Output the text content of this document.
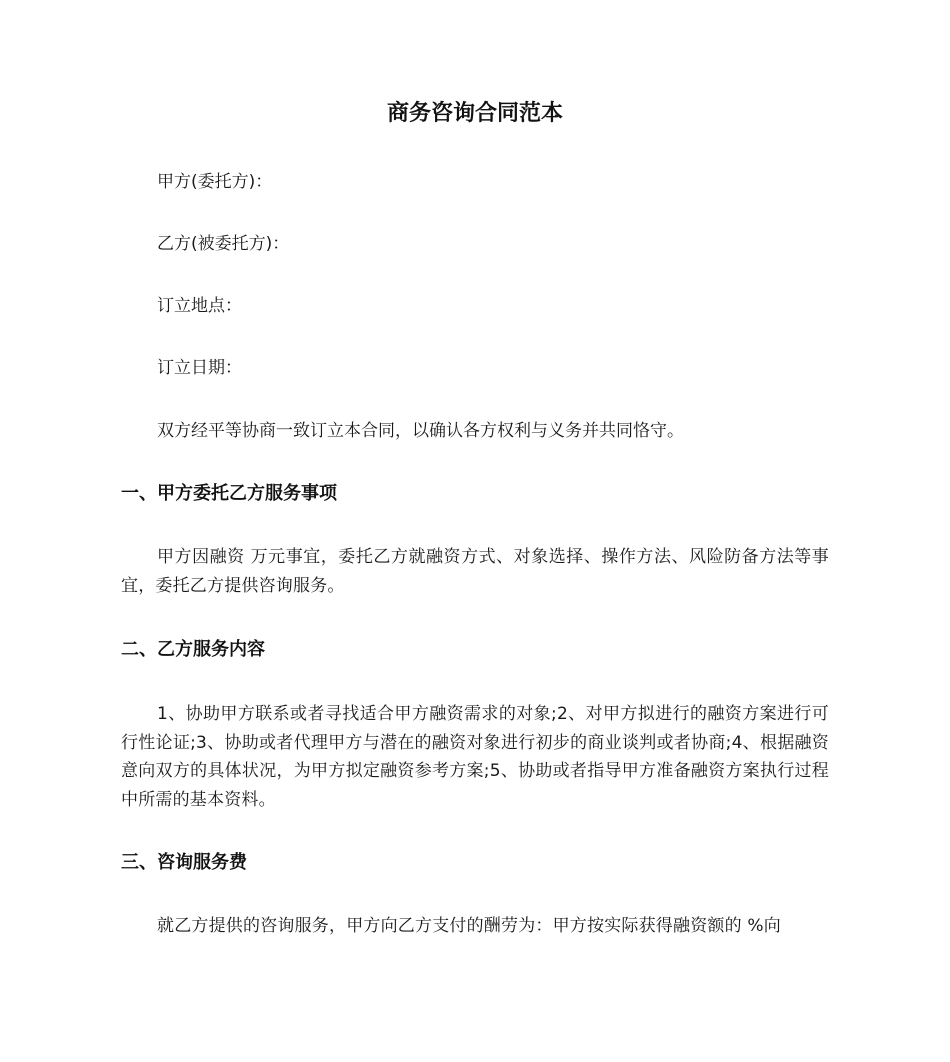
商务咨询合同范本
甲方(委托方)：
乙方(被委托方)：
订立地点：
订立日期：
双方经平等协商一致订立本合同，以确认各方权利与义务并共同恪守。
一、甲方委托乙方服务事项
甲方因融资 万元事宜，委托乙方就融资方式、对象选择、操作方法、风险防备方法等事宜，委托乙方提供咨询服务。
二、乙方服务内容
1、协助甲方联系或者寻找适合甲方融资需求的对象;2、对甲方拟进行的融资方案进行可行性论证;3、协助或者代理甲方与潜在的融资对象进行初步的商业谈判或者协商;4、根据融资意向双方的具体状况，为甲方拟定融资参考方案;5、协助或者指导甲方准备融资方案执行过程中所需的基本资料。
三、咨询服务费
就乙方提供的咨询服务，甲方向乙方支付的酬劳为：甲方按实际获得融资额的 %向
